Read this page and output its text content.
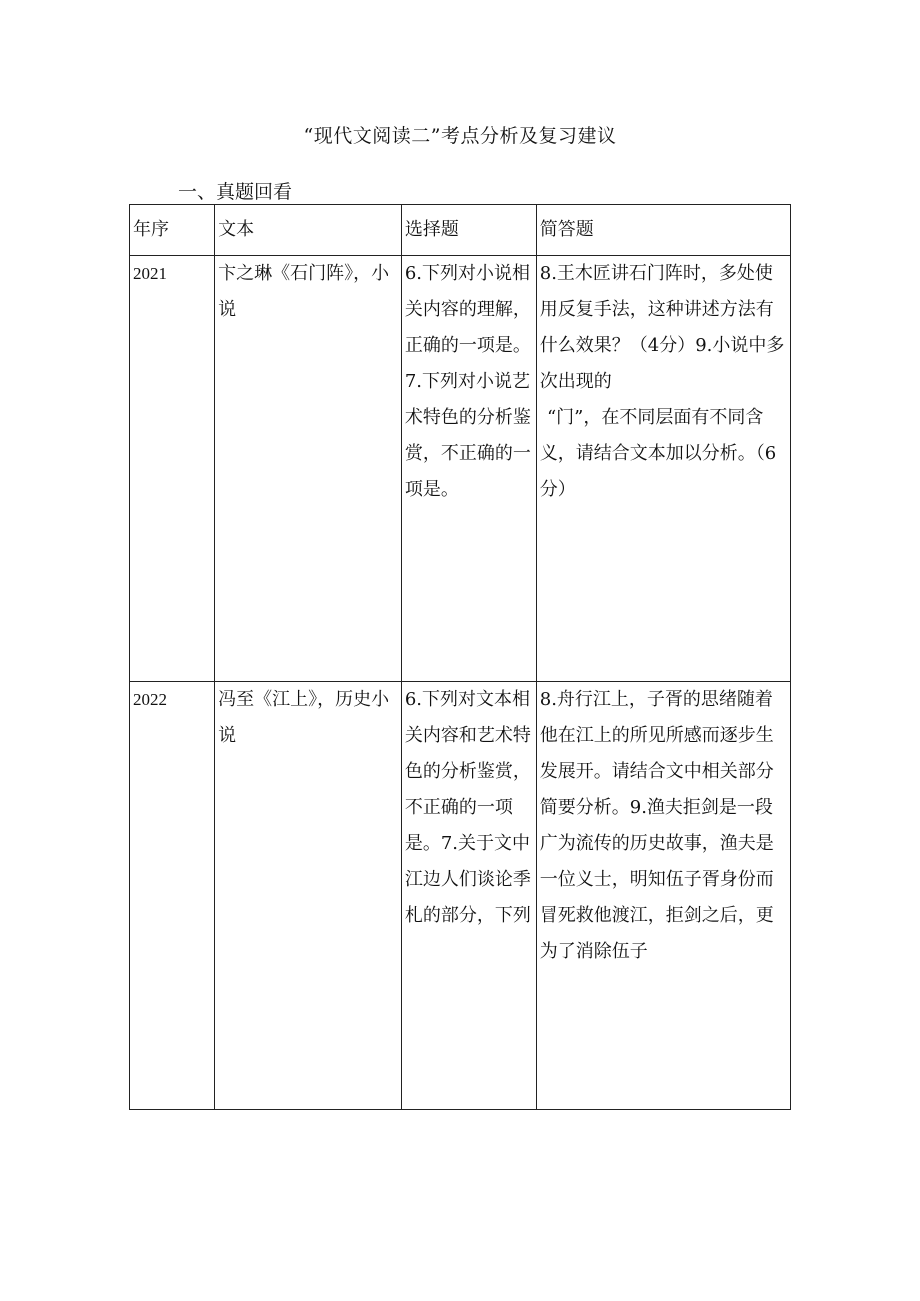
“现代文阅读二”考点分析及复习建议
一、真题回看
年序	文本	选择题	简答题
2021	卞之琳《石门阵》，小说	6.下列对小说相关内容的理解，正确的一项是。7.下列对小说艺术特色的分析鉴赏，不正确的一项是。	8.王木匠讲石门阵时，多处使用反复手法，这种讲述方法有什么效果？（4分）9.小说中多次出现的
“门”，在不同层面有不同含义，请结合文本加以分析。（6分）

2022	冯至《江上》，历史小说	6.下列对文本相关内容和艺术特色的分析鉴赏，不正确的一项是。7.关于文中江边人们谈论季札的部分，下列	8.舟行江上，子胥的思绪随着他在江上的所见所感而逐步生发展开。请结合文中相关部分简要分析。9.渔夫拒剑是一段广为流传的历史故事，渔夫是一位义士，明知伍子胥身份而冒死救他渡江，拒剑之后，更为了消除伍子
